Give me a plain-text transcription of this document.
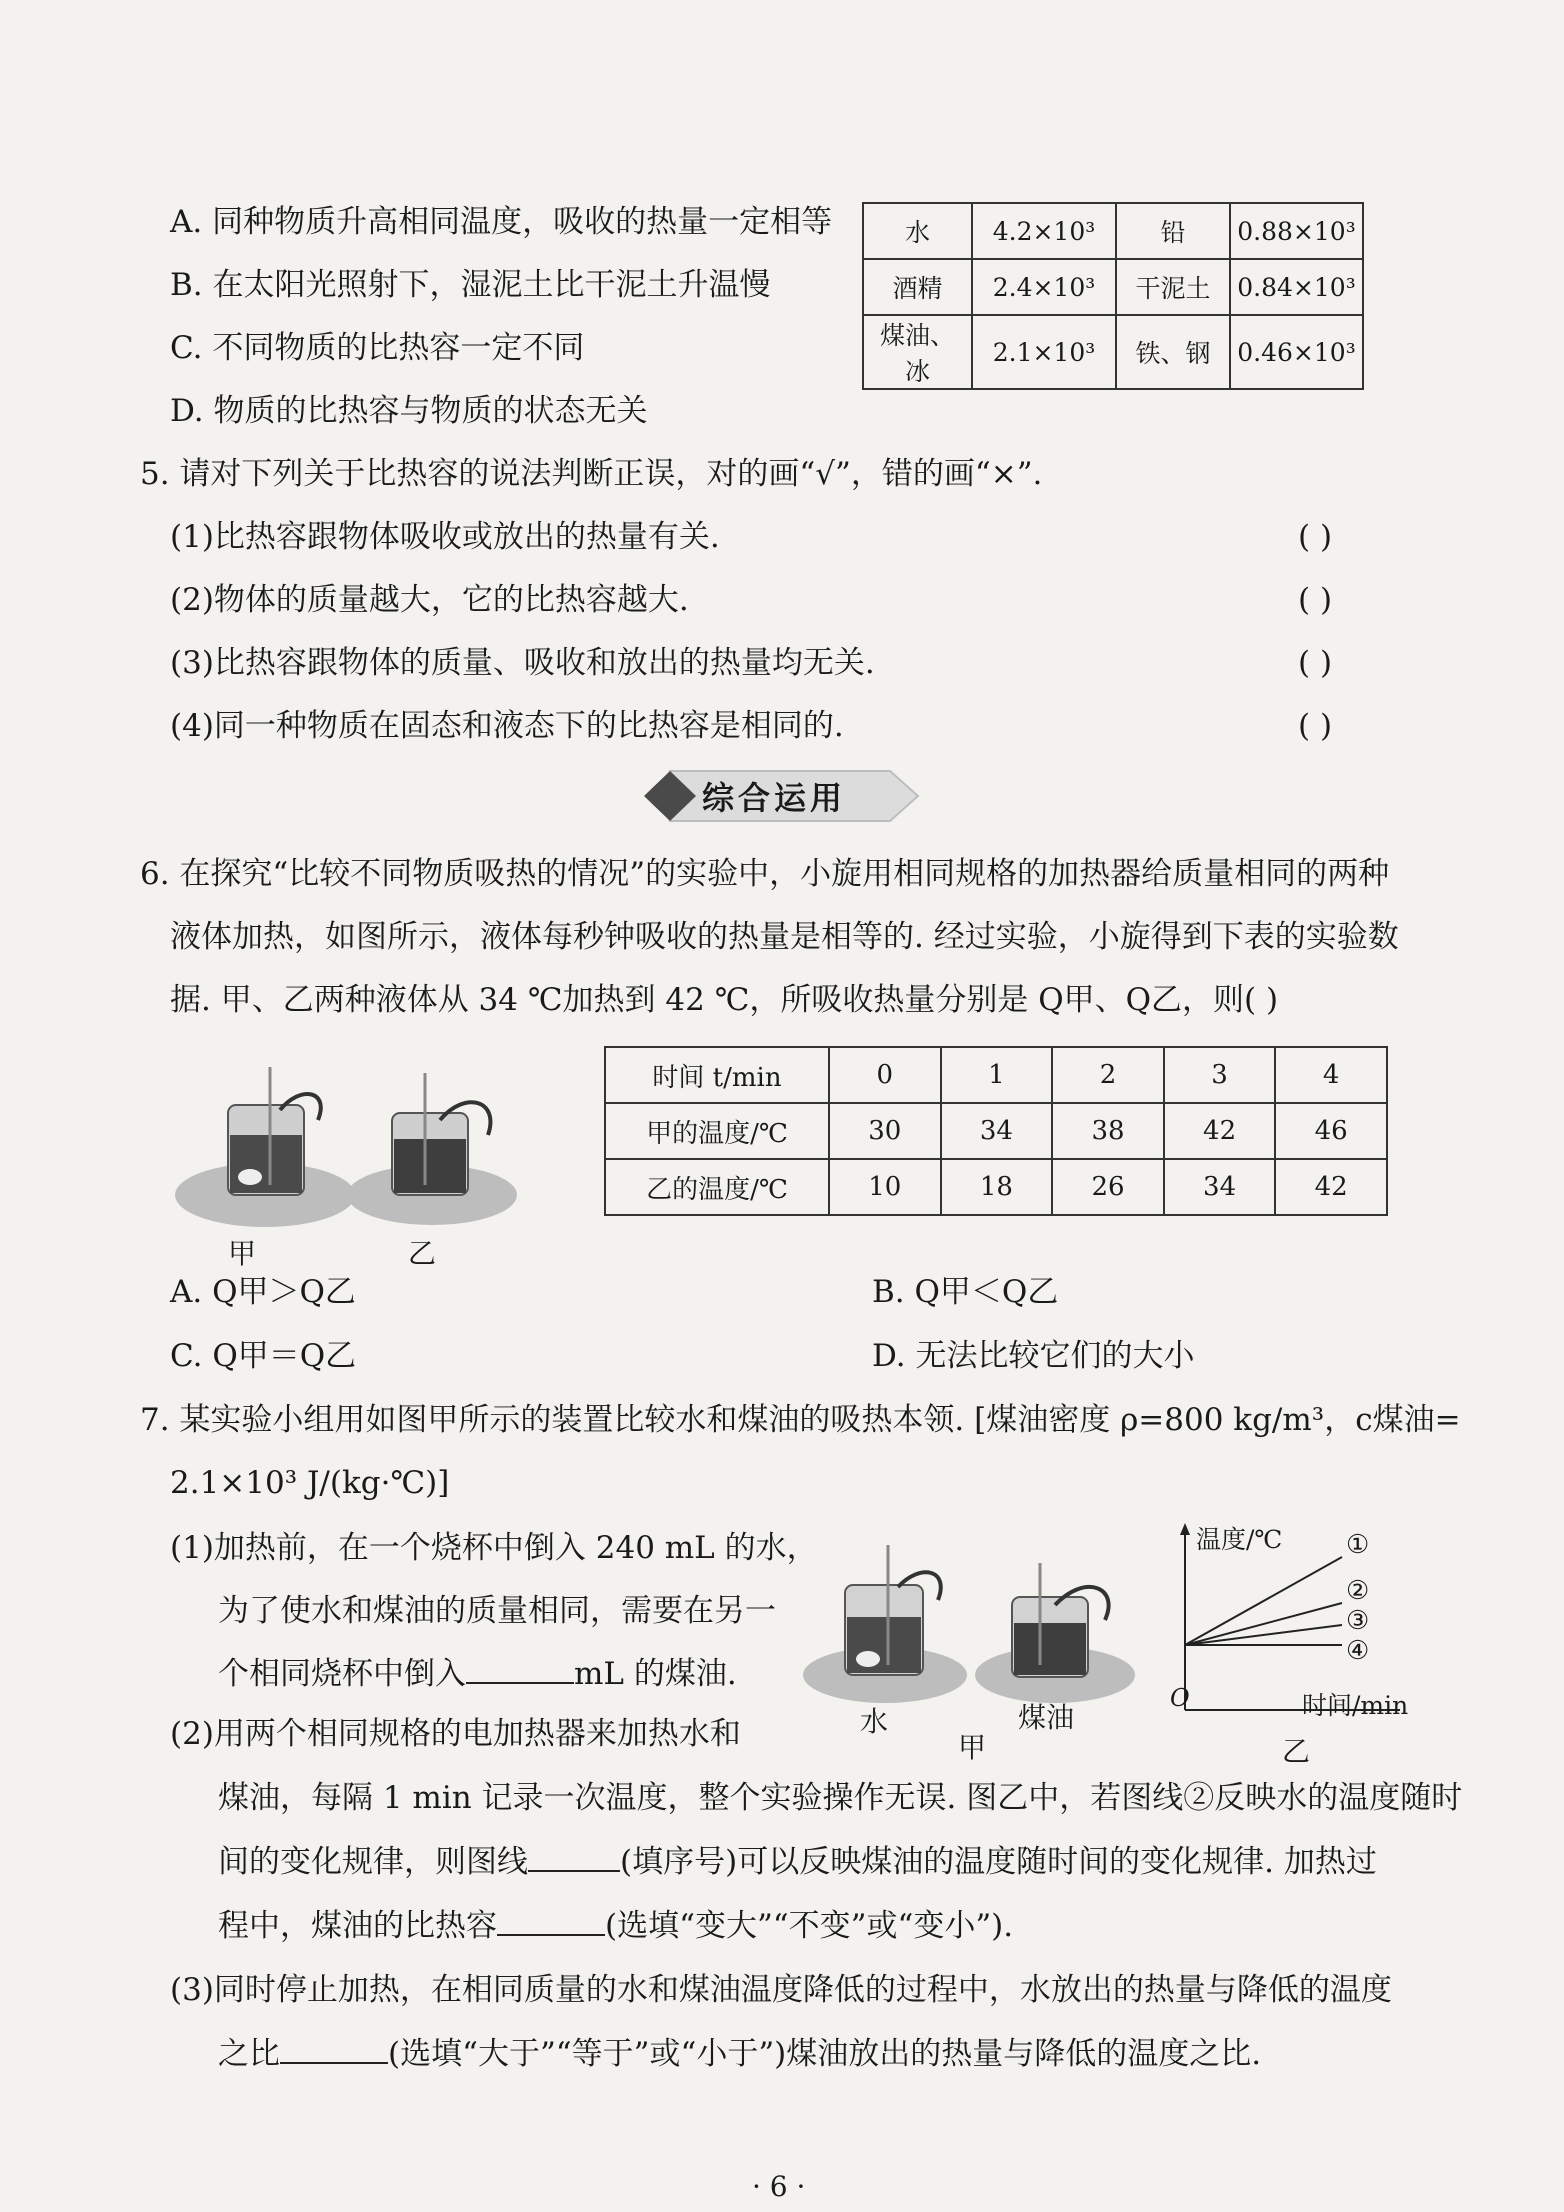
A. 同种物质升高相同温度，吸收的热量一定相等
B. 在太阳光照射下，湿泥土比干泥土升温慢
C. 不同物质的比热容一定不同
D. 物质的比热容与物质的状态无关
水	4.2×10³	铅	0.88×10³
酒精	2.4×10³	干泥土	0.84×10³
煤油、冰	2.1×10³	铁、钢	0.46×10³
5. 请对下列关于比热容的说法判断正误，对的画“√”，错的画“×”.
(1)比热容跟物体吸收或放出的热量有关.
(2)物体的质量越大，它的比热容越大.
(3)比热容跟物体的质量、吸收和放出的热量均无关.
(4)同一种物质在固态和液态下的比热容是相同的.
( )
( )
( )
( )
综合运用
6. 在探究“比较不同物质吸热的情况”的实验中，小旋用相同规格的加热器给质量相同的两种
液体加热，如图所示，液体每秒钟吸收的热量是相等的. 经过实验，小旋得到下表的实验数
据. 甲、乙两种液体从 34 ℃加热到 42 ℃，所吸收热量分别是 Q甲、Q乙，则( )
甲	乙
时间 t/min	0	1	2	3	4
甲的温度/℃	30	34	38	42	46
乙的温度/℃	10	18	26	34	42
A. Q甲＞Q乙	B. Q甲＜Q乙
C. Q甲＝Q乙	D. 无法比较它们的大小
7. 某实验小组用如图甲所示的装置比较水和煤油的吸热本领. [煤油密度 ρ=800 kg/m³，c煤油=
2.1×10³ J/(kg·℃)]
(1)加热前，在一个烧杯中倒入 240 mL 的水，
为了使水和煤油的质量相同，需要在另一
个相同烧杯中倒入	mL 的煤油.
水	煤油
甲
温度/℃
时间/min
O
①
②
③
④
乙
(2)用两个相同规格的电加热器来加热水和
煤油，每隔 1 min 记录一次温度，整个实验操作无误. 图乙中，若图线②反映水的温度随时
间的变化规律，则图线	(填序号)可以反映煤油的温度随时间的变化规律. 加热过
程中，煤油的比热容	(选填“变大”“不变”或“变小”).
(3)同时停止加热，在相同质量的水和煤油温度降低的过程中，水放出的热量与降低的温度
之比	(选填“大于”“等于”或“小于”)煤油放出的热量与降低的温度之比.
· 6 ·
